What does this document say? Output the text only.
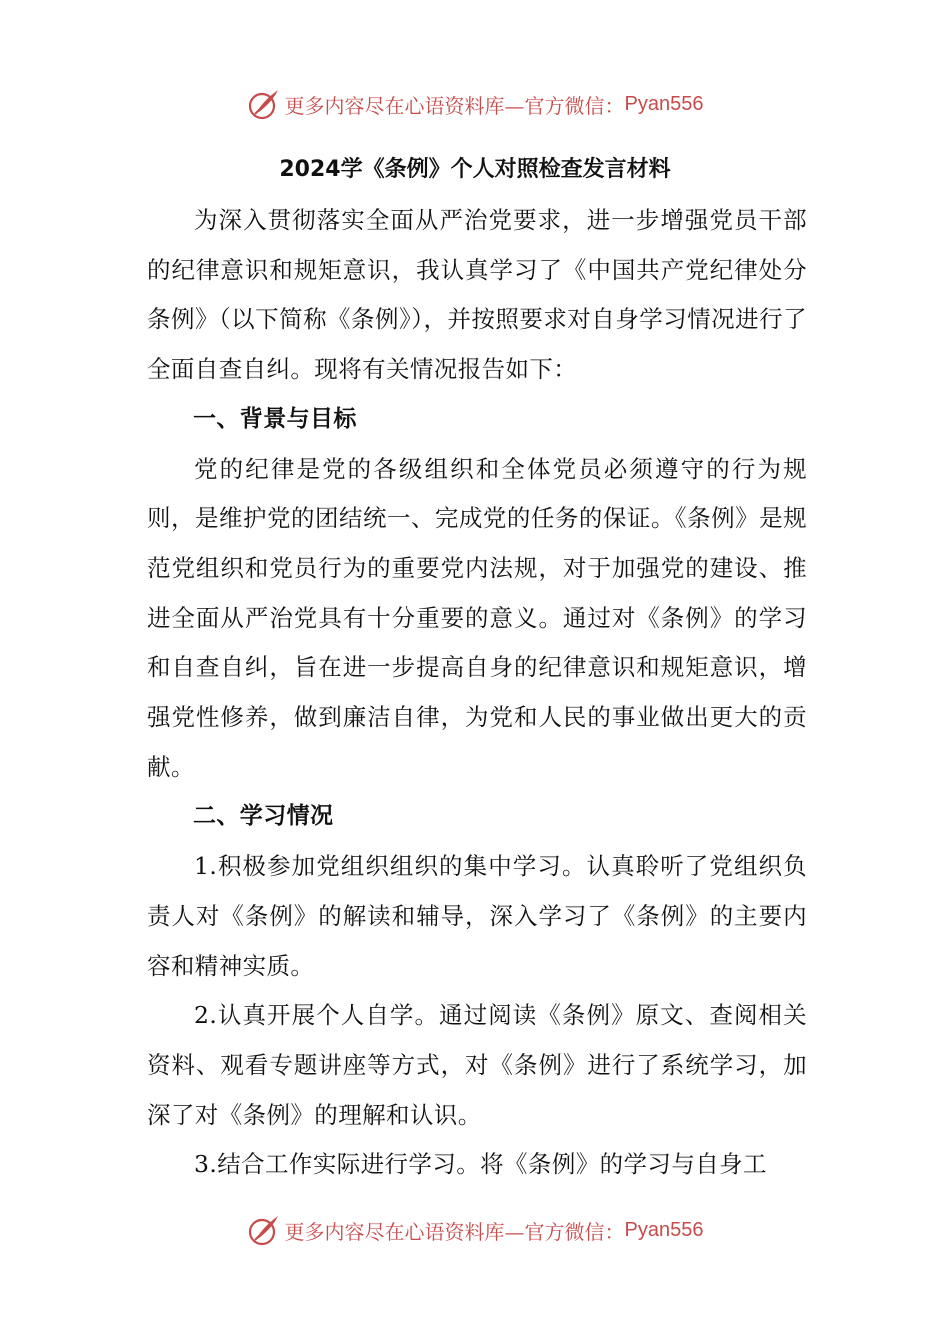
更多内容尽在心语资料库—官方微信： Pyan556
2024学《条例》个人对照检查发言材料

为深入贯彻落实全面从严治党要求，进一步增强党员干部的纪律意识和规矩意识，我认真学习了《中国共产党纪律处分条例》（以下简称《条例》），并按照要求对自身学习情况进行了全面自查自纠。现将有关情况报告如下：

一、背景与目标

党的纪律是党的各级组织和全体党员必须遵守的行为规则，是维护党的团结统一、完成党的任务的保证。《条例》是规范党组织和党员行为的重要党内法规，对于加强党的建设、推进全面从严治党具有十分重要的意义。通过对《条例》的学习和自查自纠，旨在进一步提高自身的纪律意识和规矩意识，增强党性修养，做到廉洁自律，为党和人民的事业做出更大的贡献。

二、学习情况

1.积极参加党组织组织的集中学习。认真聆听了党组织负责人对《条例》的解读和辅导，深入学习了《条例》的主要内容和精神实质。

2.认真开展个人自学。通过阅读《条例》原文、查阅相关资料、观看专题讲座等方式，对《条例》进行了系统学习，加深了对《条例》的理解和认识。

3.结合工作实际进行学习。将《条例》的学习与自身工

更多内容尽在心语资料库—官方微信： Pyan556
